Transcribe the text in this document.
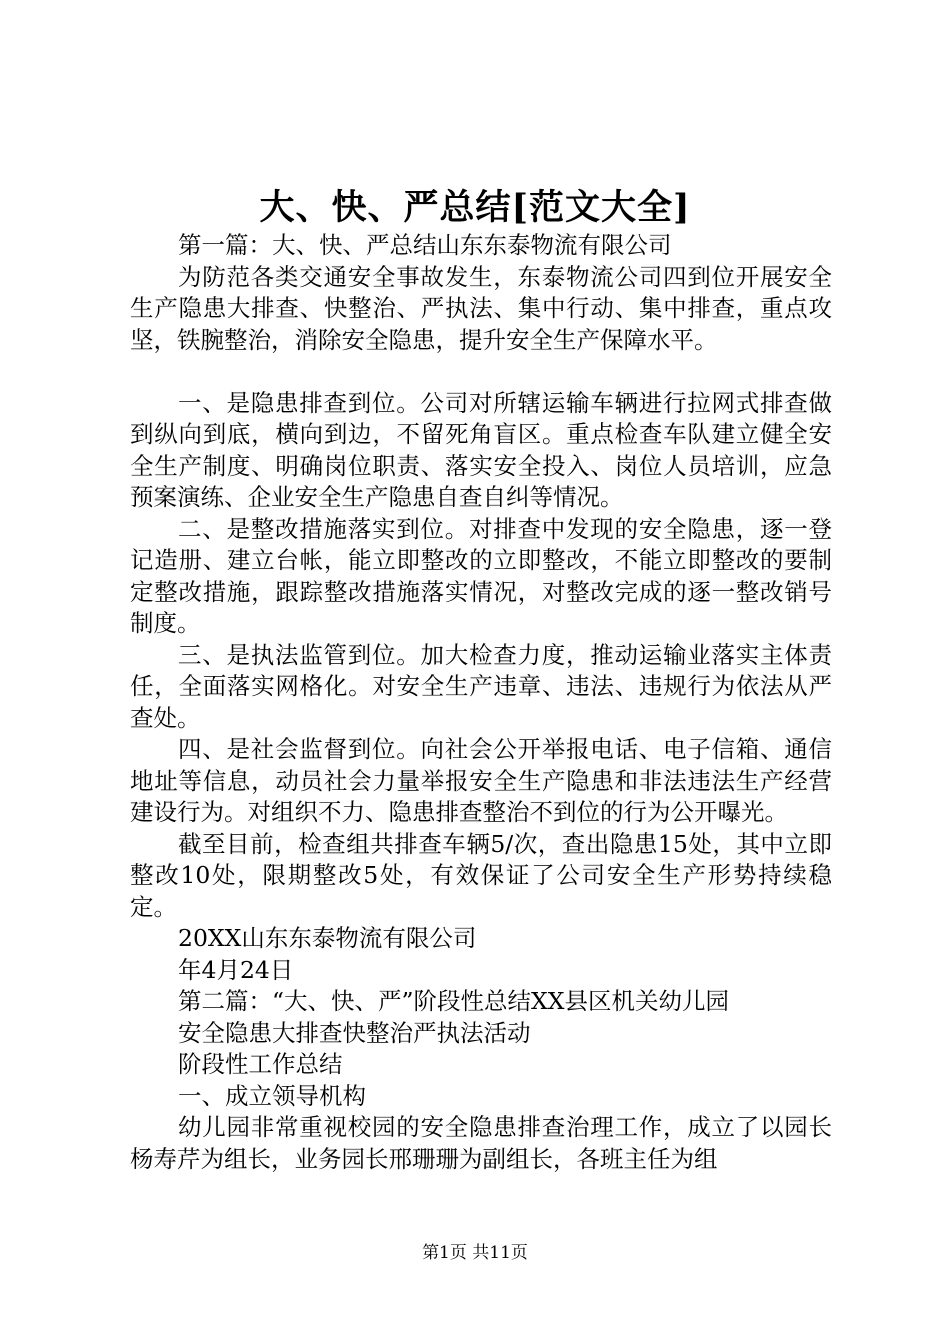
大、快、严总结[范文大全]

第一篇：大、快、严总结山东东泰物流有限公司

为防范各类交通安全事故发生，东泰物流公司四到位开展安全生产隐患大排查、快整治、严执法、集中行动、集中排查，重点攻坚，铁腕整治，消除安全隐患，提升安全生产保障水平。

一、是隐患排查到位。公司对所辖运输车辆进行拉网式排查做到纵向到底，横向到边，不留死角盲区。重点检查车队建立健全安全生产制度、明确岗位职责、落实安全投入、岗位人员培训，应急预案演练、企业安全生产隐患自查自纠等情况。

二、是整改措施落实到位。对排查中发现的安全隐患，逐一登记造册、建立台帐，能立即整改的立即整改，不能立即整改的要制定整改措施，跟踪整改措施落实情况，对整改完成的逐一整改销号制度。

三、是执法监管到位。加大检查力度，推动运输业落实主体责任，全面落实网格化。对安全生产违章、违法、违规行为依法从严查处。

四、是社会监督到位。向社会公开举报电话、电子信箱、通信地址等信息，动员社会力量举报安全生产隐患和非法违法生产经营建设行为。对组织不力、隐患排查整治不到位的行为公开曝光。

截至目前，检查组共排查车辆5/次，查出隐患15处，其中立即整改10处，限期整改5处，有效保证了公司安全生产形势持续稳定。

20XX山东东泰物流有限公司

年4月24日

第二篇：“大、快、严”阶段性总结XX县区机关幼儿园

安全隐患大排查快整治严执法活动

阶段性工作总结

一、成立领导机构

幼儿园非常重视校园的安全隐患排查治理工作，成立了以园长杨寿芹为组长，业务园长邢珊珊为副组长，各班主任为组

第1页 共11页
